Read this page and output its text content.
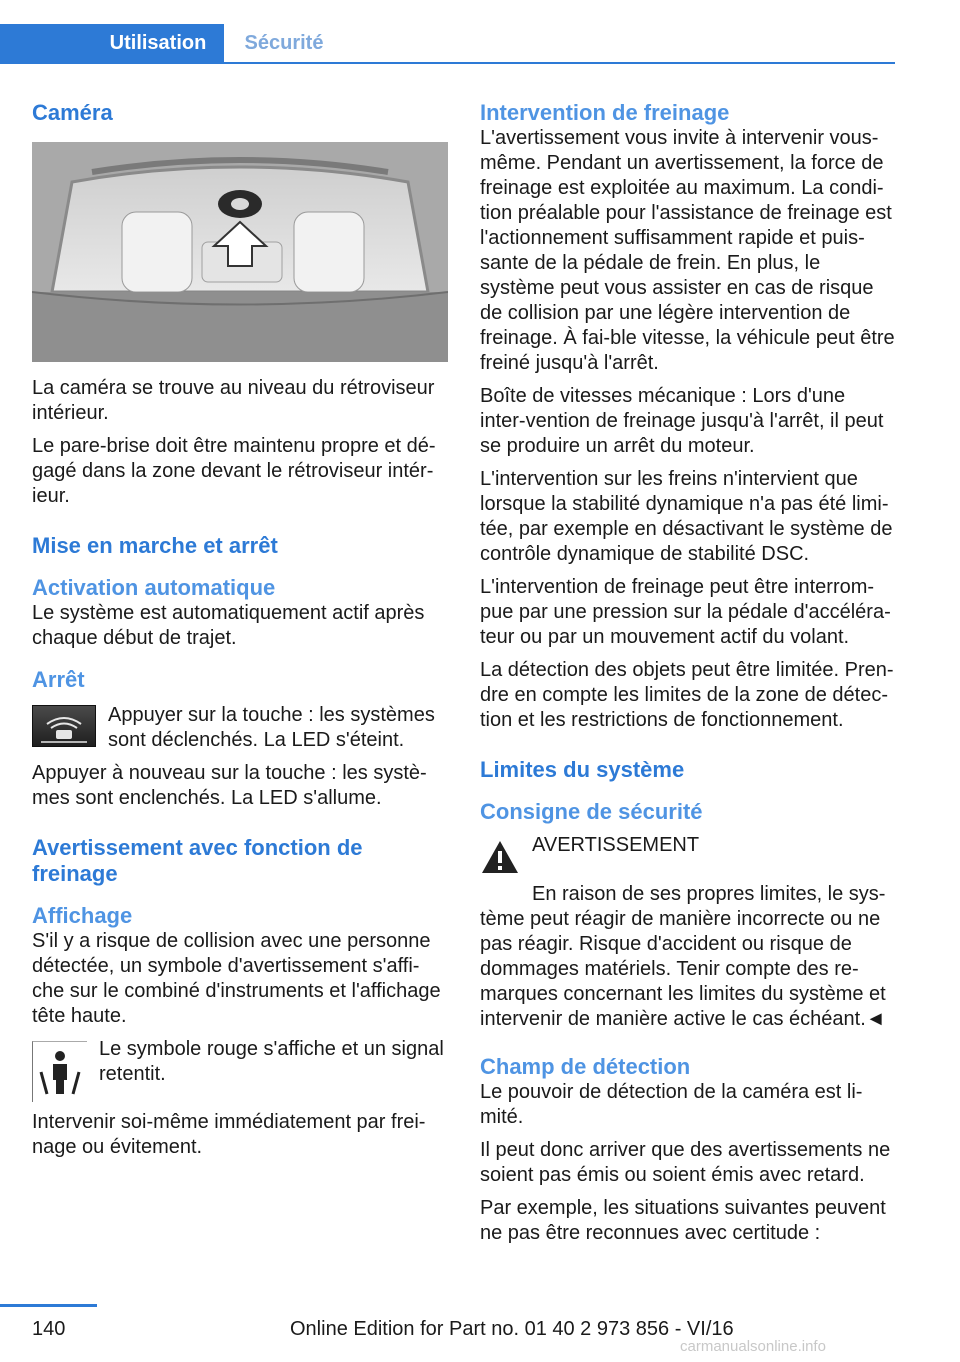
Utilisation	Sécurité
Caméra

La caméra se trouve au niveau du rétroviseur intérieur.

Le pare-brise doit être maintenu propre et dé-gagé dans la zone devant le rétroviseur intér-ieur.

Mise en marche et arrêt
Activation automatique

Le système est automatiquement actif après chaque début de trajet.

Arrêt

Appuyer sur la touche : les systèmes sont déclenchés. La LED s'éteint.

Appuyer à nouveau sur la touche : les systè-mes sont enclenchés. La LED s'allume.

Avertissement avec fonction de freinage
Affichage

S'il y a risque de collision avec une personne détectée, un symbole d'avertissement s'affi-che sur le combiné d'instruments et l'affichage tête haute.

Le symbole rouge s'affiche et un signal retentit.

Intervenir soi-même immédiatement par frei-nage ou évitement.

Intervention de freinage

L'avertissement vous invite à intervenir vous-même. Pendant un avertissement, la force de freinage est exploitée au maximum. La condi-tion préalable pour l'assistance de freinage est l'actionnement suffisamment rapide et puis-sante de la pédale de frein. En plus, le système peut vous assister en cas de risque de collision par une légère intervention de freinage. À fai-ble vitesse, la véhicule peut être freiné jusqu'à l'arrêt.

Boîte de vitesses mécanique : Lors d'une inter-vention de freinage jusqu'à l'arrêt, il peut se produire un arrêt du moteur.

L'intervention sur les freins n'intervient que lorsque la stabilité dynamique n'a pas été limi-tée, par exemple en désactivant le système de contrôle dynamique de stabilité DSC.

L'intervention de freinage peut être interrom-pue par une pression sur la pédale d'accéléra-teur ou par un mouvement actif du volant.

La détection des objets peut être limitée. Pren-dre en compte les limites de la zone de détec-tion et les restrictions de fonctionnement.

Limites du système
Consigne de sécurité
AVERTISSEMENT

En raison de ses propres limites, le sys-tème peut réagir de manière incorrecte ou ne pas réagir. Risque d'accident ou risque de dommages matériels. Tenir compte des re-marques concernant les limites du système et intervenir de manière active le cas échéant.◄

Champ de détection

Le pouvoir de détection de la caméra est li-mité.

Il peut donc arriver que des avertissements ne soient pas émis ou soient émis avec retard.

Par exemple, les situations suivantes peuvent ne pas être reconnues avec certitude :

140	Online Edition for Part no. 01 40 2 973 856 - VI/16
carmanualsonline.info
